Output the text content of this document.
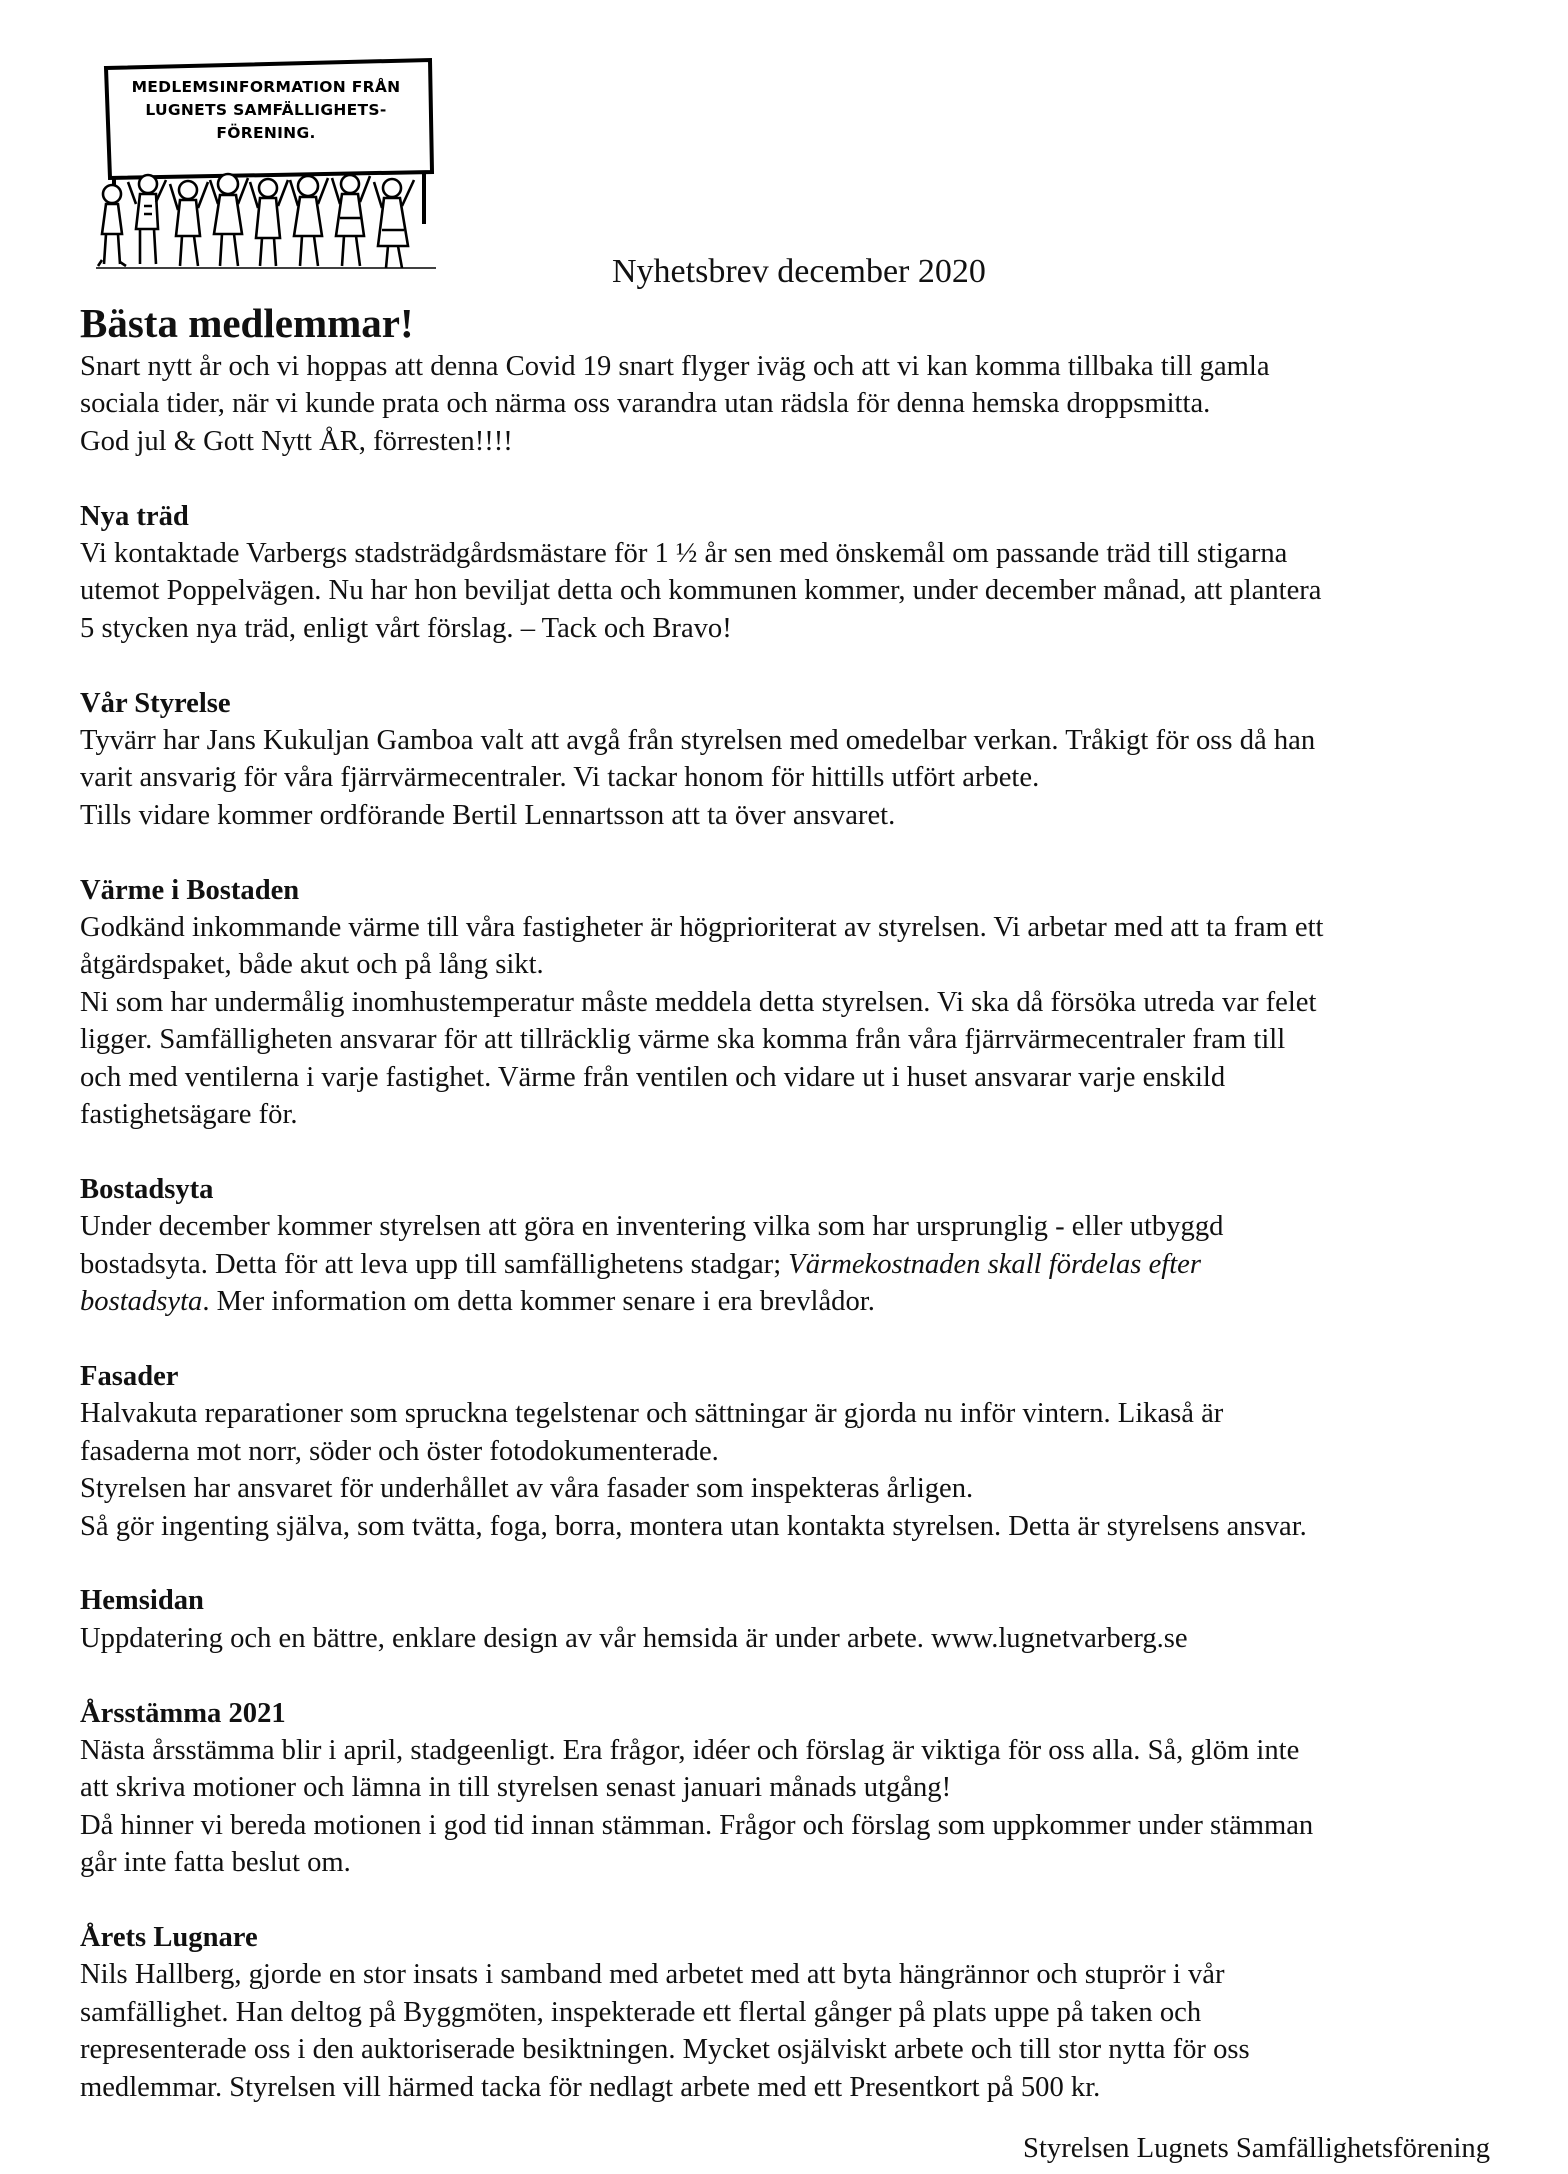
MEDLEMSINFORMATION FRÅN
LUGNETS SAMFÄLLIGHETS-
FÖRENING.
Nyhetsbrev december 2020
Bästa medlemmar!

Snart nytt år och vi hoppas att denna Covid 19 snart flyger iväg och att vi kan komma tillbaka till gamla
sociala tider, när vi kunde prata och närma oss varandra utan rädsla för denna hemska droppsmitta.
God jul & Gott Nytt ÅR, förresten!!!!

Nya träd

Vi kontaktade Varbergs stadsträdgårdsmästare för 1 ½ år sen med önskemål om passande träd till stigarna
utemot Poppelvägen. Nu har hon beviljat detta och kommunen kommer, under december månad, att plantera
5 stycken nya träd, enligt vårt förslag. – Tack och Bravo!

Vår Styrelse

Tyvärr har Jans Kukuljan Gamboa valt att avgå från styrelsen med omedelbar verkan. Tråkigt för oss då han
varit ansvarig för våra fjärrvärmecentraler. Vi tackar honom för hittills utfört arbete.
Tills vidare kommer ordförande Bertil Lennartsson att ta över ansvaret.

Värme i Bostaden

Godkänd inkommande värme till våra fastigheter är högprioriterat av styrelsen. Vi arbetar med att ta fram ett
åtgärdspaket, både akut och på lång sikt.
Ni som har undermålig inomhustemperatur måste meddela detta styrelsen. Vi ska då försöka utreda var felet
ligger. Samfälligheten ansvarar för att tillräcklig värme ska komma från våra fjärrvärmecentraler fram till
och med ventilerna i varje fastighet. Värme från ventilen och vidare ut i huset ansvarar varje enskild
fastighetsägare för.

Bostadsyta

Under december kommer styrelsen att göra en inventering vilka som har ursprunglig - eller utbyggd
bostadsyta. Detta för att leva upp till samfällighetens stadgar; Värmekostnaden skall fördelas efter
bostadsyta. Mer information om detta kommer senare i era brevlådor.

Fasader

Halvakuta reparationer som spruckna tegelstenar och sättningar är gjorda nu inför vintern. Likaså är
fasaderna mot norr, söder och öster fotodokumenterade.
Styrelsen har ansvaret för underhållet av våra fasader som inspekteras årligen.
Så gör ingenting själva, som tvätta, foga, borra, montera utan kontakta styrelsen. Detta är styrelsens ansvar.

Hemsidan

Uppdatering och en bättre, enklare design av vår hemsida är under arbete. www.lugnetvarberg.se

Årsstämma 2021

Nästa årsstämma blir i april, stadgeenligt. Era frågor, idéer och förslag är viktiga för oss alla. Så, glöm inte
att skriva motioner och lämna in till styrelsen senast januari månads utgång!
Då hinner vi bereda motionen i god tid innan stämman. Frågor och förslag som uppkommer under stämman
går inte fatta beslut om.

Årets Lugnare

Nils Hallberg, gjorde en stor insats i samband med arbetet med att byta hängrännor och stuprör i vår
samfällighet. Han deltog på Byggmöten, inspekterade ett flertal gånger på plats uppe på taken och
representerade oss i den auktoriserade besiktningen. Mycket osjälviskt arbete och till stor nytta för oss
medlemmar. Styrelsen vill härmed tacka för nedlagt arbete med ett Presentkort på 500 kr.

Styrelsen Lugnets Samfällighetsförening
